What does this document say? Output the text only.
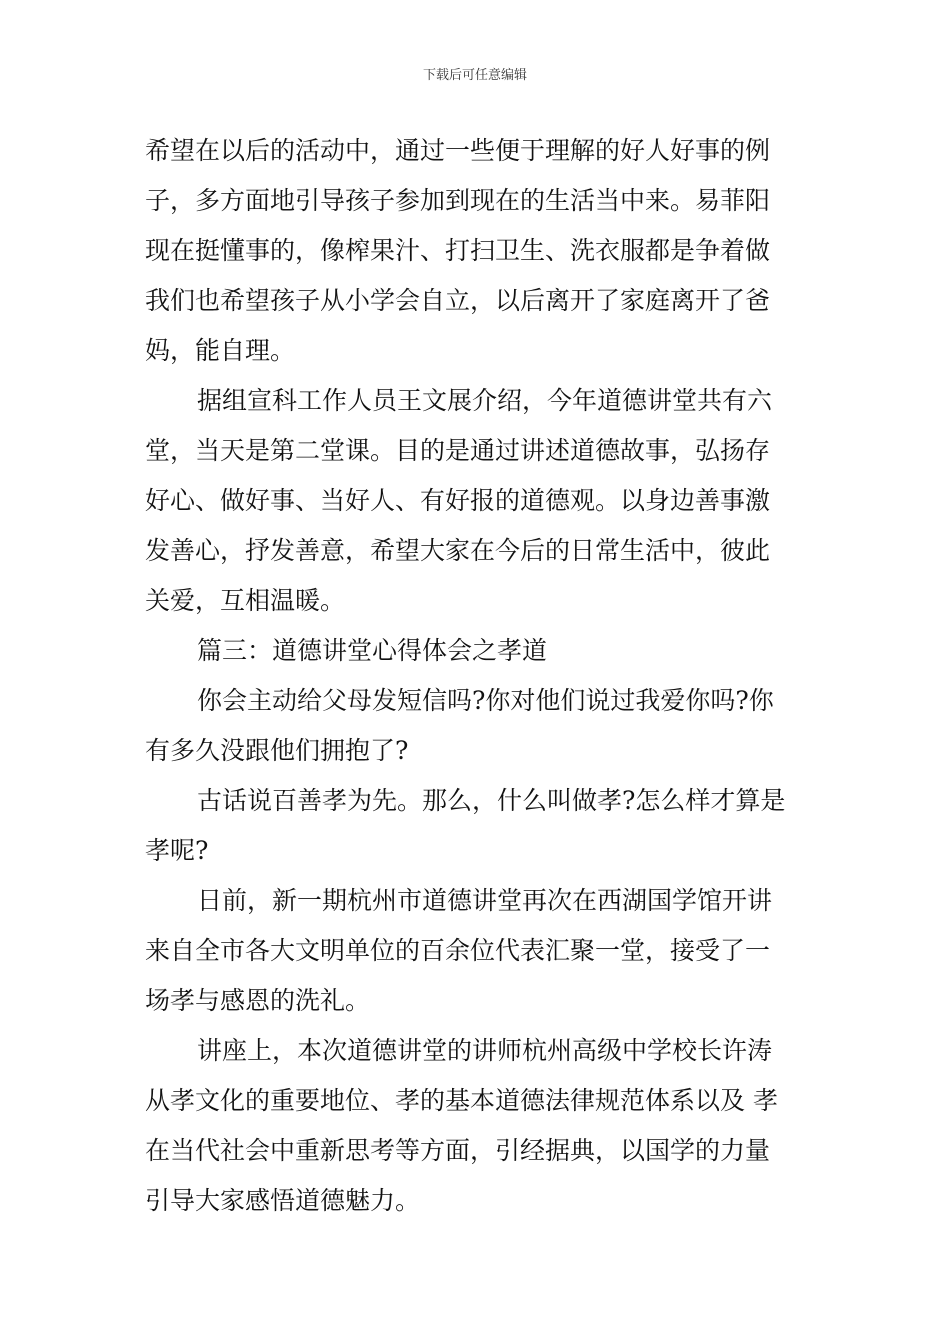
下载后可任意编辑
希望在以后的活动中，通过一些便于理解的好人好事的例
子，多方面地引导孩子参加到现在的生活当中来。易菲阳
现在挺懂事的，像榨果汁、打扫卫生、洗衣服都是争着做
我们也希望孩子从小学会自立，以后离开了家庭离开了爸
妈，能自理。
据组宣科工作人员王文展介绍，今年道德讲堂共有六
堂，当天是第二堂课。目的是通过讲述道德故事，弘扬存
好心、做好事、当好人、有好报的道德观。以身边善事激
发善心，抒发善意，希望大家在今后的日常生活中，彼此
关爱，互相温暖。
篇三：道德讲堂心得体会之孝道
你会主动给父母发短信吗?你对他们说过我爱你吗?你
有多久没跟他们拥抱了?
古话说百善孝为先。那么，什么叫做孝?怎么样才算是
孝呢?
日前，新一期杭州市道德讲堂再次在西湖国学馆开讲
来自全市各大文明单位的百余位代表汇聚一堂，接受了一
场孝与感恩的洗礼。
讲座上，本次道德讲堂的讲师杭州高级中学校长许涛
从孝文化的重要地位、孝的基本道德法律规范体系以及 孝
在当代社会中重新思考等方面，引经据典，以国学的力量
引导大家感悟道德魅力。
